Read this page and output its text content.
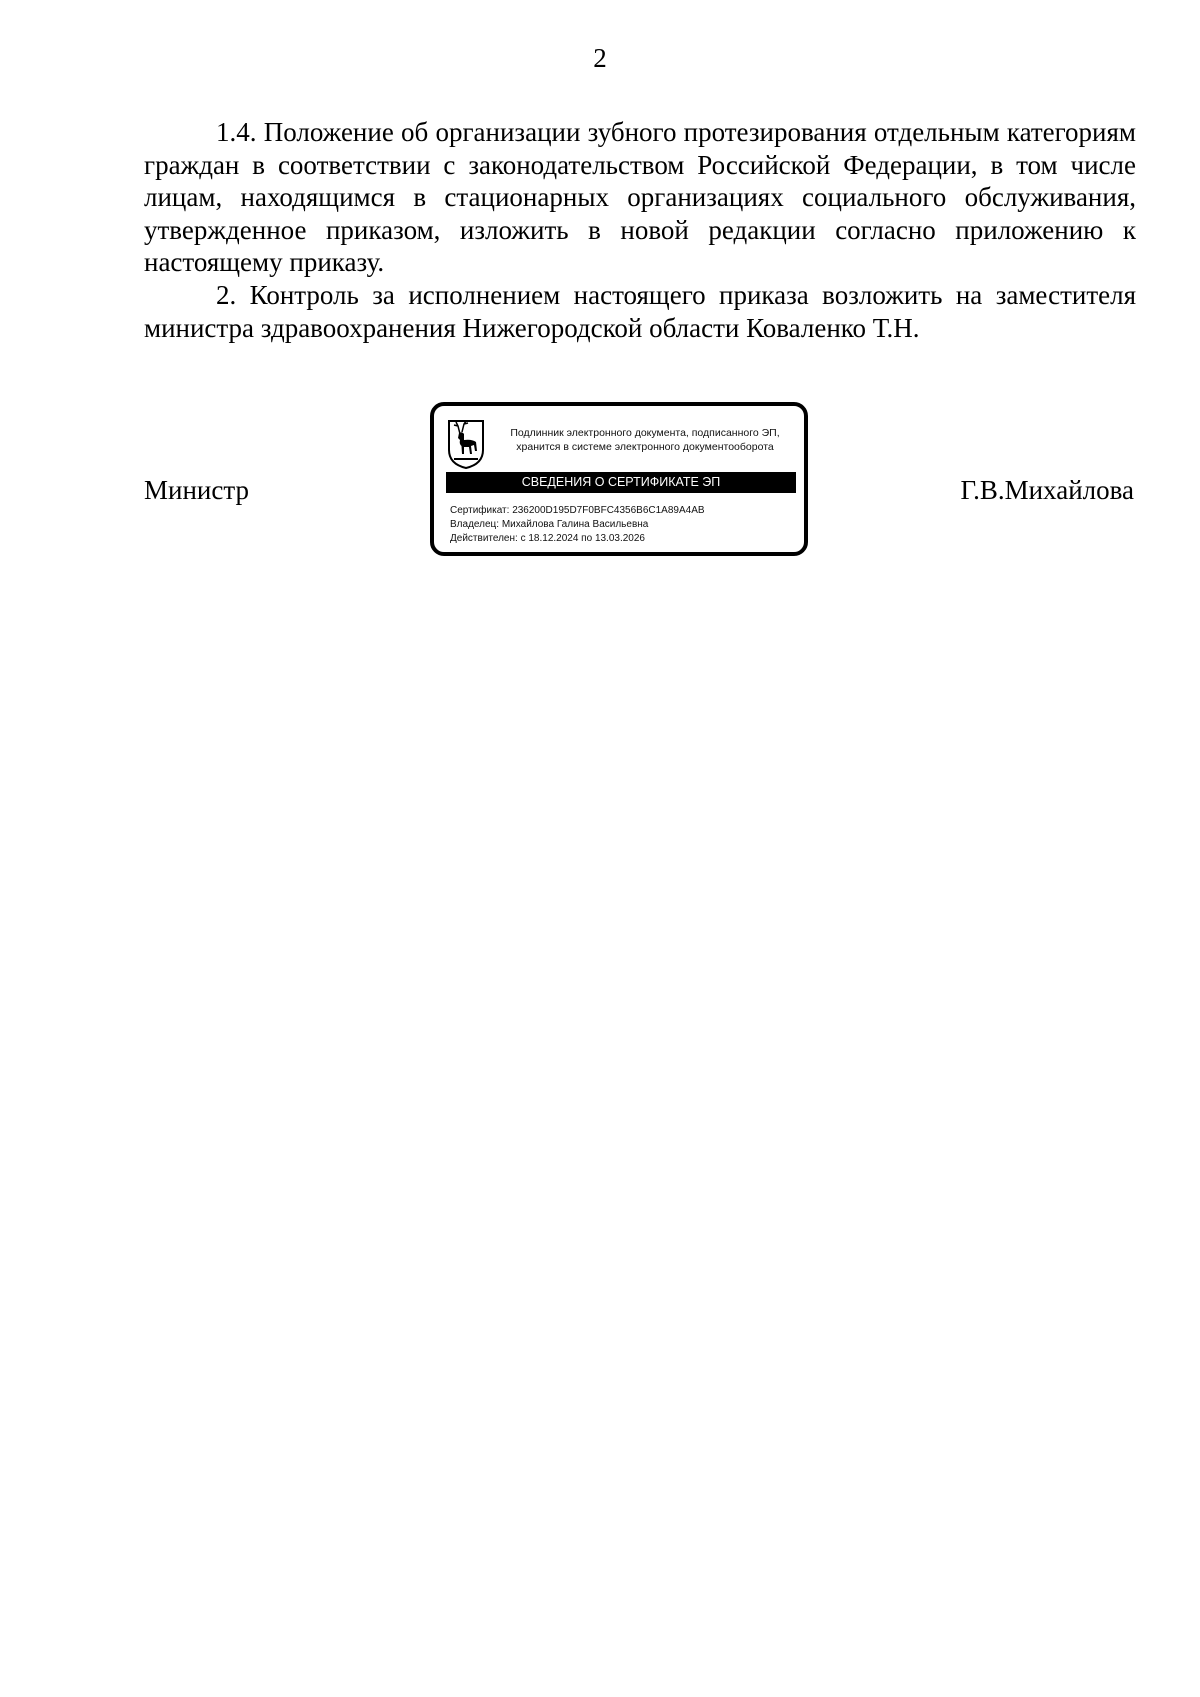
2

1.4. Положение об организации зубного протезирования отдельным категориям граждан в соответствии с законодательством Российской Федерации, в том числе лицам, находящимся в стационарных организациях социального обслуживания, утвержденное приказом, изложить в новой редакции согласно приложению к настоящему приказу.

2. Контроль за исполнением настоящего приказа возложить на заместителя министра здравоохранения Нижегородской области Коваленко Т.Н.

Министр
Подлинник электронного документа, подписанного ЭП,
хранится в системе электронного документооборота
СВЕДЕНИЯ О СЕРТИФИКАТЕ ЭП
Сертификат: 236200D195D7F0BFC4356B6C1A89A4AB
Владелец: Михайлова Галина Васильевна
Действителен: с 18.12.2024 по 13.03.2026
Г.В.Михайлова
